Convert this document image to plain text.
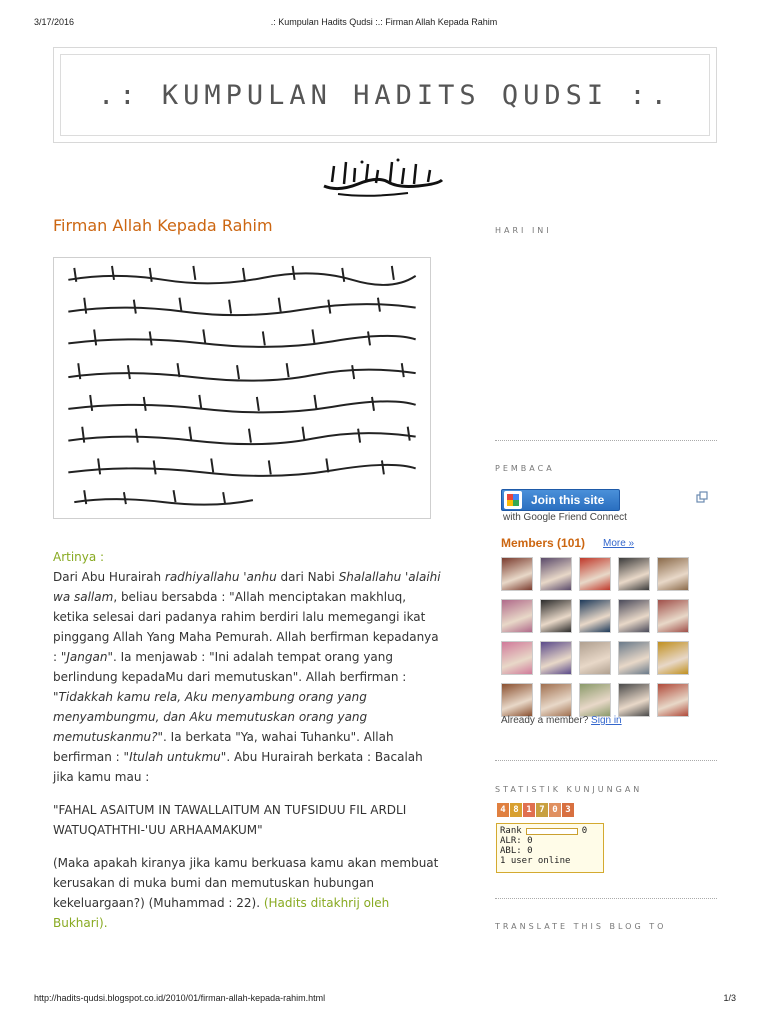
3/17/2016	.: Kumpulan Hadits Qudsi :.: Firman Allah Kepada Rahim
.: KUMPULAN HADITS QUDSI :.
Firman Allah Kepada Rahim

Artinya :

Dari Abu Hurairah radhiyallahu 'anhu dari Nabi Shalallahu 'alaihi wa sallam, beliau bersabda : "Allah menciptakan makhluq, ketika selesai dari padanya rahim berdiri lalu memegangi ikat pinggang Allah Yang Maha Pemurah. Allah berfirman kepadanya : "Jangan". Ia menjawab : "Ini adalah tempat orang yang berlindung kepadaMu dari memutuskan". Allah berfirman : "Tidakkah kamu rela, Aku menyambung orang yang menyambungmu, dan Aku memutuskan orang yang memutuskanmu?". Ia berkata "Ya, wahai Tuhanku". Allah berfirman : "Itulah untukmu". Abu Hurairah berkata : Bacalah jika kamu mau :

"FAHAL ASAITUM IN TAWALLAITUM AN TUFSIDUU FIL ARDLI WATUQATHTHI-'UU ARHAAMAKUM"

(Maka apakah kiranya jika kamu berkuasa kamu akan membuat kerusakan di muka bumi dan memutuskan hubungan kekeluargaan?) (Muhammad : 22). (Hadits ditakhrij oleh Bukhari).

HARI INI
PEMBACA
Join this site
with Google Friend Connect
Members (101) More »
Already a member? Sign in
STATISTIK KUNJUNGAN
4 8 1 7 0 3
Rank	0
ALR: 0
ABL: 0
1 user online
TRANSLATE THIS BLOG TO
http://hadits-qudsi.blogspot.co.id/2010/01/firman-allah-kepada-rahim.html	1/3
